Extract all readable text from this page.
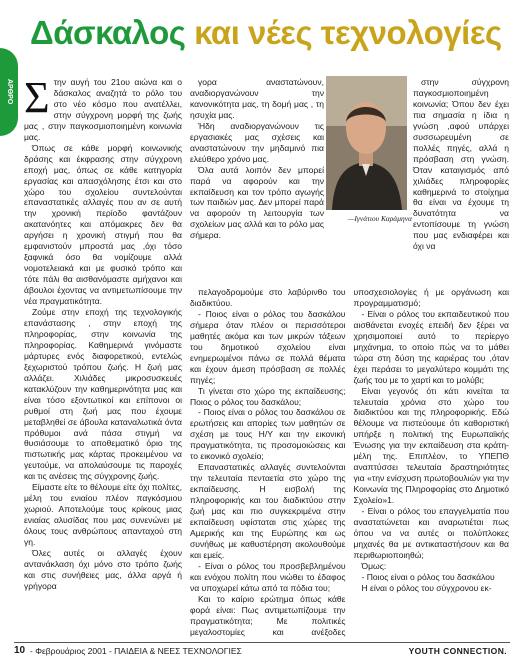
Δάσκαλος και νέες τεχνολογίες
ΑΡΘΡΟ Σ την αυγή του 21ου αιώνα και ο δάσκαλος αναζητά το ρόλο του στο νέο κόσμο που ανατέλλει, στην σύγχρονη μορφή της ζωής μας , στην παγκοσμιοποιημένη κοινωνία μας.

Όπως σε κάθε μορφή κοινωνικής δράσης και έκφρασης στην σύγχρονη εποχή μας, όπως σε κάθε κατηγορία εργασίας και απασχόλησης έτσι και στο χώρο του σχολείου συντελούνται επαναστατικές αλλαγές που αν σε αυτή την χρονική περίοδο φαντάζουν ακατανόητες και απόμακρες δεν θα αργήσει η χρονική στιγμή που θα εμφανιστούν μπροστά μας ,όχι τόσο ξαφνικά όσο θα νομίζουμε αλλά νομοτελειακά και με φυσικό τρόπο και τότε πάλι θα αισθανόμαστε αμήχανοι και άβουλοι έχοντας να αντιμετωπίσουμε την νέα πραγματικότητα.

Ζούμε στην εποχή της τεχνολογικής επανάστασης , στην εποχή της πληροφορίας, στην κοινωνία της πληροφορίας. Καθημερινά γινόμαστε μάρτυρες ενός διαφορετικού, εντελώς ξεχωριστού τρόπου ζωής. Η ζωή μας αλλάζει. Χιλιάδες μικροσυσκευές κατακλύζουν την καθημερινότητα μας και είναι τόσο εξοντωτικοί και επίπονοι οι ρυθμοί στη ζωή μας που έχουμε μεταβληθεί σε άβουλα καταναλωτικά όντα πρόθυμοι ανά πάσα στιγμή να θυσιάσουμε το αποθεματικό όριο της πιστωτικής μας κάρτας προκειμένου να γευτούμε, να απολαύσουμε τις παροχές και τις ανέσεις της σύγχρονης ζωής.

Είμαστε είτε το θέλουμε είτε όχι πολίτες, μέλη του ενιαίου πλέον παγκόσμιου χωριού. Αποτελούμε τους κρίκους μιας ενιαίας αλυσίδας που μας συνενώνει με όλους τους ανθρώπους απανταχού στη γη.

Όλες αυτές οι αλλαγές έχουν αντανάκλαση όχι μόνο στο τρόπο ζωής και στις συνήθειες μας, άλλα αργά ή γρήγορα

γορα αναστατώνουν, αναδιοργανώνουν την κανονικότητα μας, τη δομή μας , τη ησυχία μας.

Ήδη αναδιοργανώνουν τις εργασιακές μας σχέσεις και αναστατώνουν την μηδαμινό πια ελεύθερο χρόνο μας.

Όλα αυτά λοιπόν δεν μπορεί παρά να αφορούν και την εκπαίδευση και τον τρόπο αγωγής των παιδιών μας. Δεν μπορεί παρά να αφορούν τη λειτουργία των σχολείων μας αλλά και το ρόλο μας σήμερα.

—Ιγνάτιου Καράμηνα

στην σύγχρονη παγκοσμιοποιημένη κοινωνία; Όπου δεν έχει πια σημασία η ίδια η γνώση ,αφού υπάρχει συσσωρευμένη σε πολλές πηγές, αλλά η πρόσβαση στη γνώση. Όταν καταιγισμός από χιλιάδες πληροφορίες καθημερινά το στοίχημα θα είναι να έχουμε τη δυνατότητα να εντοπίσουμε τη γνώση που μας ενδιαφέρει και όχι να

πελαγοδρομούμε στο λαβύρινθο του διαδικτύου.

- Ποιος είναι ο ρόλος του δασκάλου σήμερα όταν πλέον οι περισσότεροι μαθητές ακόμα και των μικρών τάξεων του δημοτικού σχολείου είναι ενημερωμένοι πάνω σε πολλά θέματα και έχουν άμεση πρόσβαση σε πολλές πηγές;

Τι γίνεται στο χώρο της εκπαίδευσης; Ποιος ο ρόλος του δασκάλου;

- Ποιος είναι ο ρόλος του δασκάλου σε ερωτήσεις και απορίες των μαθητών σε σχέση με τους Η/Υ και την εικονική πραγματικότητα, τις προσομοιώσεις και το εικονικό σχολείο;

Επαναστατικές αλλαγές συντελούνται την τελευταία πενταετία στο χώρο της εκπαίδευσης. Η εισβολή της πληροφορικής και του διαδικτύου στην ζωή μας και πιο συγκεκριμένα στην εκπαίδευση υφίσταται στις χώρες της Αμερικής και της Ευρώπης και ως συνήθως με καθυστέρηση ακολουθούμε και εμείς.

- Είναι ο ρόλος του προσβεβλημένου και ενόχου πολίτη που νιώθει το έδαφος να υποχωρεί κάτω από τα πόδια του;

Και το καίριο ερώτημα όπως κάθε φορά είναι: Πως αντιμετωπίζουμε την πραγματικότητα; Με πολιτικές μεγαλοστομίες και ανέξοδες υποσχεσιολογίες ή με οργάνωση και προγραμματισμό;

- Είναι ο ρόλος του εκπαιδευτικού που αισθάνεται ενοχές επειδή δεν ξέρει να χρησιμοποιεί αυτό το περίεργο μηχάνημα, το οποίο πώς να το μάθει τώρα στη δύση της καριέρας του ,όταν έχει περάσει το μεγαλύτερο κομμάτι της ζωής του με το χαρτί και το μολύβι;

Είναι γεγονός ότι κάτι κινείται τα τελευταία χρόνια στο χώρο του διαδικτύου και της πληροφορικής. Εδώ θέλουμε να πιστεύουμε ότι καθοριστική υπήρξε η πολιτική της Ευρωπαϊκής Ένωσης για την εκπαίδευση στα κράτη-μέλη της. Επιπλέον, το ΥΠΕΠΘ αναπτύσσει τελευταία δραστηριότητες για «την ενίσχυση πρωτοβουλιών για την Κοινωνία της Πληροφορίας στο Δημοτικό Σχολείο»1.

- Είναι ο ρόλος του επαγγελματία που αναστατώνεται και αναρωτιέται πως όπου να να αυτές οι πολύπλοκες μηχανές θα με αντικαταστήσουν και θα περιθωριοποιηθώ;

Όμως:

- Ποιος είναι ο ρόλος του δασκάλου

Η είναι ο ρόλος του σύγχρονου εκ-

10 - Φεβρουάριος 2001 - ΠΑΙΔΕΙΑ & ΝΕΕΣ ΤΕΧΝΟΛΟΓΙΕΣ	YOUTH CONNECTION.
